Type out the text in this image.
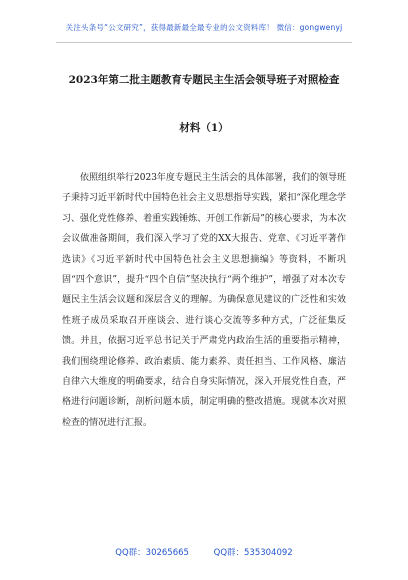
关注头条号“公文研究”，获得最新最全最专业的公文资料库！ 微信：gongwenyj
2023年第二批主题教育专题民主生活会领导班子对照检查
材料（1）

依照组织举行2023年度专题民主生活会的具体部署，我们的领导班子秉持习近平新时代中国特色社会主义思想指导实践，紧扣“深化理念学习、强化党性修养、着重实践锤炼、开创工作新局”的核心要求，为本次会议做准备期间，我们深入学习了党的XX大报告、党章、《习近平著作选读》《习近平新时代中国特色社会主义思想摘编》等资料，不断巩固“四个意识”，提升“四个自信”坚决执行“两个维护”，增强了对本次专题民主生活会议题和深层含义的理解。为确保意见建议的广泛性和实效性班子成员采取召开座谈会、进行谈心交流等多种方式，广泛征集反馈。并且，依据习近平总书记关于严肃党内政治生活的重要指示精神，我们围绕理论修养、政治素质、能力素养、责任担当、工作风格、廉洁自律六大维度的明确要求，结合自身实际情况，深入开展党性自查，严格进行问题诊断，剖析问题本质，制定明确的整改措施。现就本次对照检查的情况进行汇报。

QQ群：30265665	QQ群：535304092
